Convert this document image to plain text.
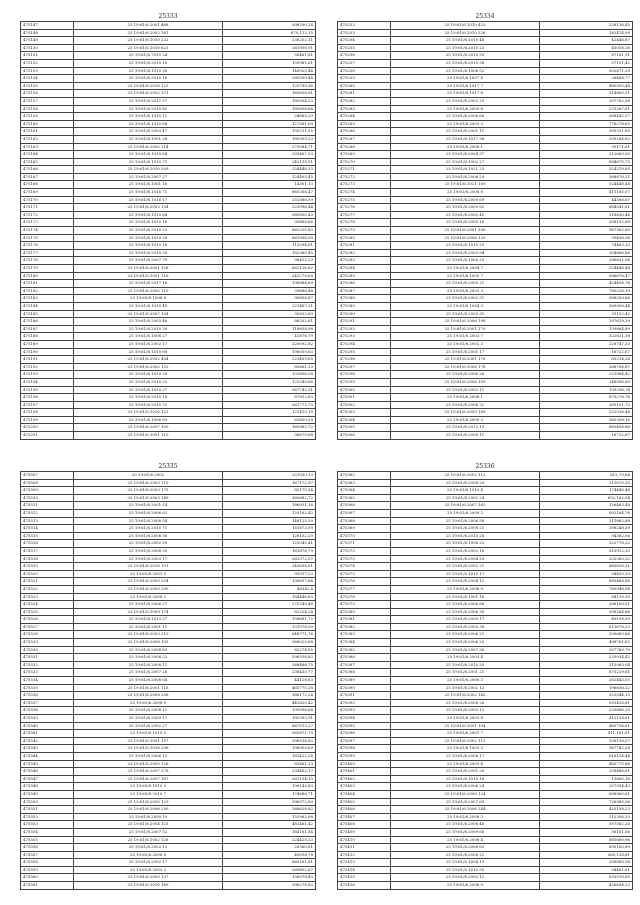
25333
475147	25 19:61/6.2001 468	508290,24
475148	25 19:61/6.2002 161	879,112,35
475149	25 19:61/6.1010 222	236252,11
475150	25 19:61/6.1010 623	261958,91
475151	25 19:61/6.7010 24	56461,81
475152	25 19:61/6.2010 19	159961,61
475153	25 19:61/6.1010 38	145920,44
475154	25 19:61/6.2010 18	285599,44
475155	25 19:61/6.2010 123	125799,36
475156	25 19:61/6.2002 121	165656,61
475157	25 19:61/6.2012 57	180954,23
475158	25 19:61/6.2010 81	185656,66
475159	25 19:61/6.1010 11	24685,33
475160	25 19:61/6.1010 68	127561,69
475161	25 19:61/6.2003 47	150211,55
475162	25 19:61/6.1001 28	185959,23
475163	25 19:61/6.2002 114	275084,71
475164	25 19:61/6.1010 84	335467,53
475165	25 19:61/6.1010 71	242115,51
475166	25 19:61/6.2010 209	254448,33
475167	25 19:61/6.2007 27	124405,45
475168	25 19:61/6.1001 16	14301,13
475169	25 19:61/6.1016 71	665356,47
475170	25 19:61/6.1016 17	252588,59
475171	25 19:61/6.2002 154	223996,44
475172	25 19:61/6.1010 64	385850,43
475173	25 19:61/6.1010 18	30868,66
475174	25 19:61/6.2010 23	662235,83
475175	25 19:61/6.1010 28	661956,99
475176	25 19:61/6.1010 16	113294,61
475177	25 19:61/6.2010 39	182360,45
475178	25 19:61/6.2007 79	98412,23
475179	25 19:61/6.2001 128	662126,62
475180	25 19:61/6.1001 116	243279,60
475181	25 19:61/6.2017 16	136884,69
475182	25 19:61/6.2002 110	39686,48
475183	25 19:61/6.1006 8	96858,87
475184	25 19:61/6.1010 45	221467,31
475185	25 19:61/6.2007 104	35632,89
475186	25 19:61/6.2003 46	86202,61
475187	25 19:61/6.2010 39	118658,98
475188	25 19:61/6.1006 27	41876,79
475189	25 19:61/6.2002 17	220092,82
475190	25 19:61/6.1010 68	196059,63
475191	25 19:61/6.2002 404	223459,65
475192	25 19:61/6.2002 153	83661,23
475193	25 19:61/6.1010 28	133696,08
475194	25 19:61/6.2010 33	125340,66
475195	25 19:61/6.1010 27	367742,51
475196	25 19:61/6.2010 18	87812,83
475197	25 19:61/6.2010 21	261772,73
475198	25 19:61/6.1010 123	121415,18
475199	25 19:61/6.1006 69	63650,59
475200	25 19:61/6.2007 100	160962,72
475201	25 19:61/6.1001 110	36679,08
25334
475252	25 19:61/6.1010 425	228136,45
475253	25 19:61/6.1010 228	182414,99
475254	25 19:61/6.1010 46	42446,87
475255	25 19:61/6.2010 23	45058,26
475256	25 19:61/6.2010 33	87181,91
475257	25 19:61/6.2010 36	57191,42
475258	25 19:61/6.1006 52	502671,29
475259	25 19:61/6.1007 4	26468,77
475260	25 19:61/6.1017 7	480955,44
475261	25 19:61/6.1017 8	514665,51
475262	25 19:61/6.2002 29	207782,38
475263	25 19:61/6.2009 8	231267,61
475264	25 19:61/6.2006 66	568442,57
475265	25 19:61/6.2003 3	776278,63
475266	25 19:61/6.2001 11	390251,85
475267	25 19:61/6.1017 36	290284,82
475268	25 19:61/6.2008 1	95171,61
475269	25 19:61/6.2004 37	312663,93
475270	25 19:61/6.1002 27	684675,75
475271	25 19:61/6.1021 23	324219,85
475272	25 19:61/6.2006 29	368676,21
475273	25 19:61/6.1021 100	524448,48
475274	25 19:61/6.2008 8	411185,07
475275	25 19:61/6.2009 69	44366,67
475276	25 19:61/6.2009 82	884541,81
475277	25 19:61/6.2002 45	318630,46
475278	25 19:61/6.2005 16	508192,88
475279	25 19:61/6.2001 556	567562,69
475280	25 19:61/6.2006 125	39436,96
475281	25 19:61/6.1010 29	74463,33
475282	25 19:61/6.2003 94	304666,86
475283	25 19:61/6.1005 29	286631,96
475284	25 19:61/6.2004 7	324448,48
475285	25 19:61/6.1005 7	566676,47
475286	25 19:61/6.2005 21	424456,76
475287	25 19:61/6.2001 3	780226,19
475288	25 19:61/6.2002 51	568250,86
475289	25 19:61/6.1004 3	569956,44
475290	25 19:61/6.2003 31	31102,42
475291	25 19:61/6.2006 198	397619,39
475292	25 19:61/6.2001 170	139864,89
475293	25 19:61/6.2003 7	522631,38
475294	25 19:61/6.2002 3	228747,33
475295	25 19:61/6.2001 17	16722,67
475296	25 19:61/6.2001 176	85214,24
475297	25 19:61/6.1006 178	268706,87
475298	25 19:61/6.2006 28	221984,42
475299	25 19:61/6.2006 109	248956,60
475300	25 19:61/6.2002 11	139296,74
475301	25 19:61/6.2008 1	875276,76
475302	25 19:61/6.2006 32	265101,72
475303	25 19:61/6.2005 169	222036,46
475304	25 19:61/6.2000 3	565308,16
475305	25 19:61/6.2012 15	885406,86
475306	25 19:61/6.2008 11	16722,67
25335
475507	25 19:61/6.2002	251030,13
475508	25 19:61/6.2003 119	167172,97
475509	25 19:61/6.2003 175	85175,34
475510	25 19:61/6.2003 149	160682,72
475511	25 19:61/6.2001 14	186931,16
475512	25 19:61/6.2006 62	129162,42
475513	25 19:61/6.2008 54	148125,39
475514	25 19:61/6.2010 71	161673,09
475515	25 19:61/6.2006 56	128152,29
475516	25 19:61/6.2002 59	121045,41
475517	25 19:61/6.2008 50	161676,79
475518	25 19:61/6.2003 17	263372,07
475519	25 19:61/6.2010 101	243636,61
475520	25 19:61/6.2001 9	95917,23
475521	25 19:61/6.2003 204	136657,64
475522	25 19:61/6.2003 200	48342,4
475523	25 19:61/6.2008 3	184446,63
475524	25 19:61/6.2006 27	275249,48
475525	25 19:61/6.1009 174	82224,24
475526	25 19:61/6.1013 27	158681,72
475527	25 19:61/6.2001 11	131576,50
475528	25 19:61/6.2003 210	648771,76
475529	25 19:61/6.2008 105	368020,68
475530	25 19:61/6.2008 69	82274,95
475531	25 19:61/6.2008 22	596558,82
475532	25 19:61/6.2008 11	268466,75
475533	25 19:61/6.2007 26	238435,77
475534	25 19:61/6.2008 64	44128,83
475535	25 19:61/6.2001 116	465775,28
475536	25 19:61/6.2008 208	166172,24
475537	25 19:61/6.2008 9	441820,42
475538	25 19:61/6.2008 12	139996,68
475539	25 19:61/6.2009 17	185393,91
475540	25 19:61/6.2002 27	867513,27
475541	25 19:61/6.1010 9	565871,79
475542	25 19:61/6.1001 157	396536,82
475543	25 19:61/6.1016 296	196959,63
475544	25 19:61/6.2006 13	181422,24
475545	25 19:61/6.2005 126	83661,23
475546	25 19:61/6.2007 276	234462,17
475547	25 19:61/6.2007 167	261134,13
475548	25 19:61/6.1010 3	196143,83
475549	25 19:61/6.2010 7	174686,71
475550	25 19:61/6.2005 129	396372,89
475551	25 19:61/6.2006 290	268628,82
475552	25 19:61/6.2009 19	153962,08
475553	25 19:61/6.2004 125	481461,42
475554	25 19:61/6.2007 52	164161,84
475555	25 19:61/6.1002 126	224425,23
475556	25 19:61/6.2002 12	26360,61
475557	25 19:61/6.2006 8	49518,78
475558	25 19:61/6.2002 17	669161,81
475559	25 19:61/6.2003 3	269602,67
475560	25 19:61/6.2003 137	158978,43
475561	25 19:61/6.1010 169	396278,82
25336
475362	25 19:61/6.2002 112	612,79,64
475363	25 19:61/6.2008 29	311675,35
475364	25 19:61/6.1010 4	174446,48
475365	25 19:61/6.2002 24	652,162,04
475366	25 19:61/6.2007 162	126463,48
475367	25 19:61/6.2009 3	892164,76
475368	25 19:61/6.2006 58	311862,88
475369	25 19:61/6.2008 21	398248,39
475370	25 19:61/6.2010 28	94362,06
475371	25 19:61/6.1006 23	322778,22
475372	25 19:61/6.2002 16	815912,33
475373	25 19:61/6.2004 29	202360,32
475374	25 19:61/6.2002 21	865826,31
475375	25 19:61/6.1010 17	54405,33
475376	25 19:61/6.2004 12	685468,88
475377	25 19:61/6.2006 9	785946,94
475378	25 19:61/6.1001 16	84119,99
475379	25 19:61/6.2006 86	266169,51
475380	25 19:61/6.2006 30	308264,86
475381	25 19:61/6.2003 17	49158,39
475382	25 19:61/6.2005 38	611676,23
475383	25 19:61/6.2006 21	339685,66
475384	25 19:61/6.2006 20	498761,62
475385	25 19:61/6.2007 36	207769,79
475386	25 19:61/6.2003 4	235934,42
475387	25 19:61/6.2010 33	313063,04
475388	25 19:61/6.2001 21	875229,61
475389	25 19:61/6.2006 3	262445,55
475390	25 19:61/6.2002 13	196656,22
475391	25 19:61/6.2002 142	323544,15
475392	25 19:61/6.2008 26	591426,61
475393	25 19:61/6.2003 12	233666,29
475394	25 19:61/6.2003 8	412128,61
475395	25 19:61/6.1001 104	465736,61
475396	25 19:61/6.2001 7	411,161,61
475397	25 19:61/6.2002 113	536116,57
475398	25 19:61/6.1001 3	367742,28
475399	25 19:61/6.2006 17	616134,44
475400	25 19:61/6.2001 4	465775,88
475401	25 19:61/6.2001 20	328486,61
475402	25 19:61/6.1010 16	13665,16
475403	25 19:61/6.2006 24	257954,43
475404	25 19:61/6.2009 124	698965,61
475405	25 19:61/6.2007 65	726985,06
475406	25 19:61/6.1006 244	425158,23
475407	25 19:61/6.2008 3	212356,33
475408	25 19:61/6.2008 46	397582,26
475409	25 19:61/6.2009 66	56161,56
475410	25 19:61/6.2006 4	885660,96
475411	25 19:61/6.2006 63	695160,89
475412	25 19:61/6.2008 21	365,128,61
475413	25 19:61/6.1004 19	399885,98
475414	25 19:61/6.1010 55	54461,61
475415	25 19:61/6.2002 12	635519,89
475416	25 19:61/6.2006 9	426654,23
